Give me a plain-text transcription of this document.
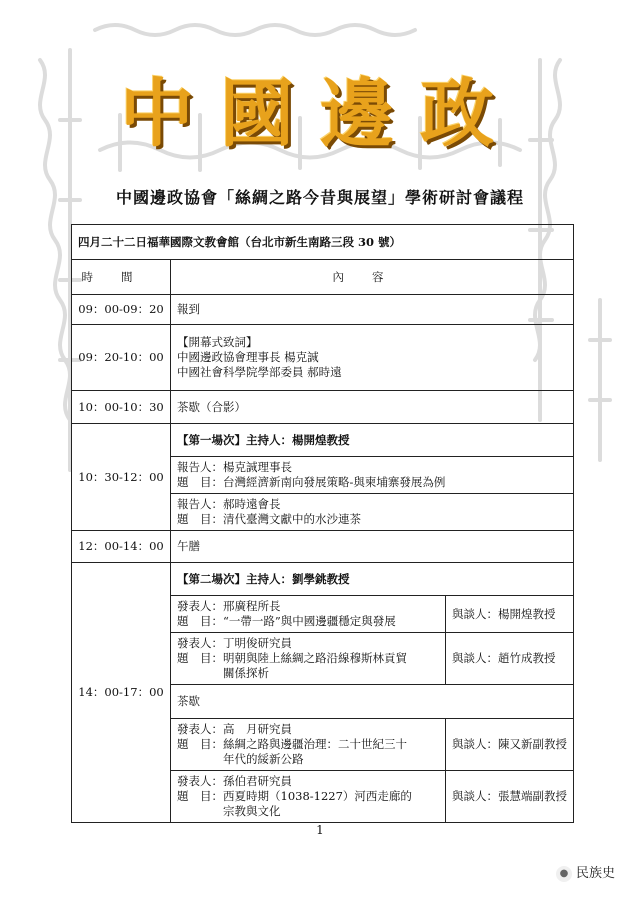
中國邊政
中國邊政協會「絲綢之路今昔與展望」學術研討會議程
四月二十二日福華國際文教會館（台北市新生南路三段 30 號）		
時間	內容	
09：00-09：20	報到	
09：20-10：00	【開幕式致詞】
中國邊政協會理事長 楊克誠
中國社會科學院學部委員 郝時遠	

10：00-10：30	茶歇（合影）	
10：30-12：00	【第一場次】主持人：楊開煌教授	

	報告人：楊克誠理事長
題　目：台灣經濟新南向發展策略-與柬埔寨發展為例	

	報告人：郝時遠會長
題　目：清代臺灣文獻中的水沙連茶	

12：00-14：00	午膳	
14：00-17：00	【第二場次】主持人：劉學銚教授	

	發表人：邢廣程所長
題　目：“一帶一路”與中國邊疆穩定與發展	與談人：楊開煌教授

	發表人：丁明俊研究員
題　目：明朝與陸上絲綢之路沿線穆斯林貢貿
　　　　關係探析	與談人：趙竹成教授
	茶歇	

	發表人：高　月研究員
題　目：絲綢之路與邊疆治理：二十世紀三十
　　　　年代的綏新公路	與談人：陳又新副教授

	發表人：孫伯君研究員
題　目：西夏時期（1038-1227）河西走廊的
　　　　宗教與文化	與談人：張慧端副教授
1
● 民族史
